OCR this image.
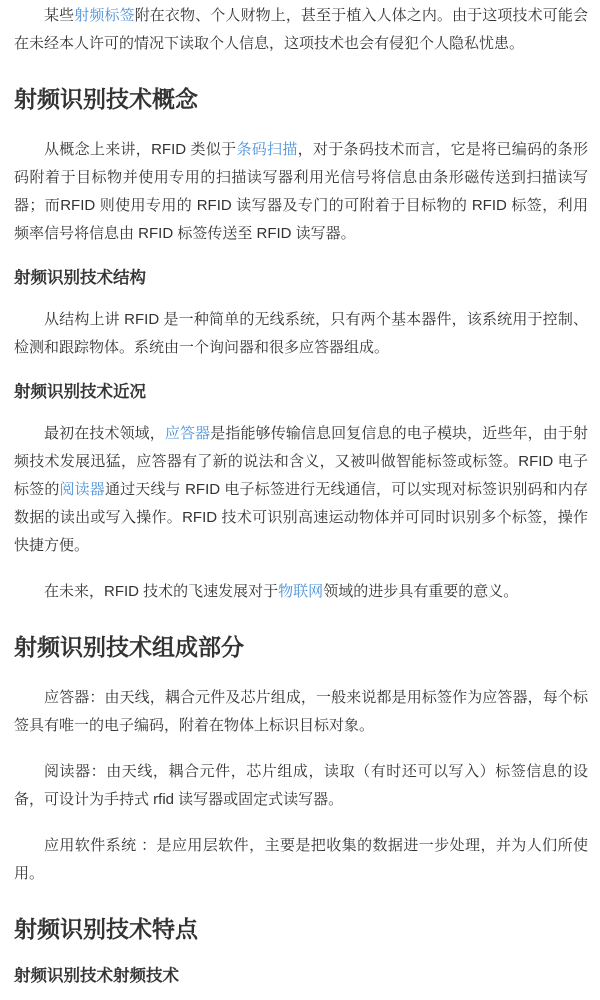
某些射频标签附在衣物、个人财物上，甚至于植入人体之内。由于这项技术可能会在未经本人许可的情况下读取个人信息，这项技术也会有侵犯个人隐私忧患。

射频识别技术概念

从概念上来讲，RFID 类似于条码扫描，对于条码技术而言，它是将已编码的条形码附着于目标物并使用专用的扫描读写器利用光信号将信息由条形磁传送到扫描读写器；而RFID 则使用专用的 RFID 读写器及专门的可附着于目标物的 RFID 标签，利用频率信号将信息由 RFID 标签传送至 RFID 读写器。

射频识别技术结构

从结构上讲 RFID 是一种简单的无线系统，只有两个基本器件，该系统用于控制、检测和跟踪物体。系统由一个询问器和很多应答器组成。

射频识别技术近况

最初在技术领域，应答器是指能够传输信息回复信息的电子模块，近些年，由于射频技术发展迅猛，应答器有了新的说法和含义，又被叫做智能标签或标签。RFID 电子标签的阅读器通过天线与 RFID 电子标签进行无线通信，可以实现对标签识别码和内存数据的读出或写入操作。RFID 技术可识别高速运动物体并可同时识别多个标签，操作快捷方便。

在未来，RFID 技术的飞速发展对于物联网领域的进步具有重要的意义。

射频识别技术组成部分

应答器：由天线，耦合元件及芯片组成，一般来说都是用标签作为应答器，每个标签具有唯一的电子编码，附着在物体上标识目标对象。

阅读器：由天线，耦合元件，芯片组成，读取（有时还可以写入）标签信息的设备，可设计为手持式 rfid 读写器或固定式读写器。

应用软件系统 ：是应用层软件，主要是把收集的数据进一步处理，并为人们所使用。

射频识别技术特点
射频识别技术射频技术
